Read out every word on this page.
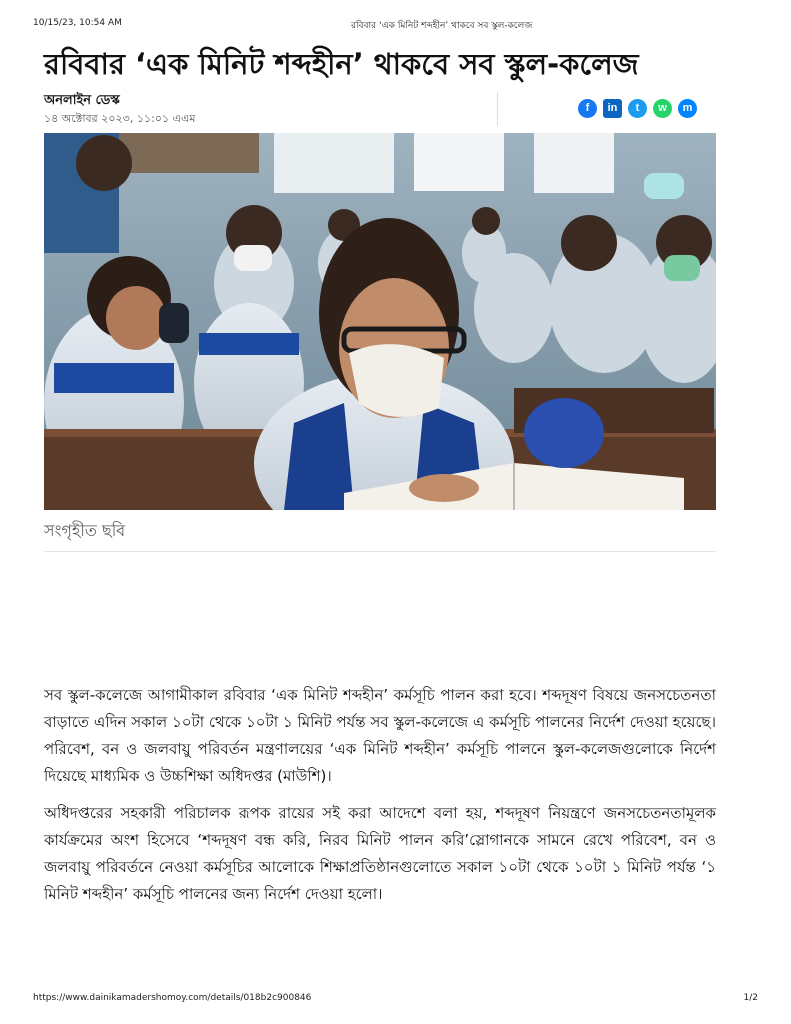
10/15/23, 10:54 AM	রবিবার ‘এক মিনিট শব্দহীন’ থাকবে সব স্কুল-কলেজ
রবিবার ‘এক মিনিট শব্দহীন’ থাকবে সব স্কুল-কলেজ
অনলাইন ডেস্ক
১৪ অক্টোবর ২০২৩, ১১:০১ এএম
f	in	t	w	m
সংগৃহীত ছবি

সব স্কুল-কলেজে আগামীকাল রবিবার ‘এক মিনিট শব্দহীন’ কর্মসূচি পালন করা হবে। শব্দদূষণ বিষয়ে জনসচেতনতা বাড়াতে এদিন সকাল ১০টা থেকে ১০টা ১ মিনিট পর্যন্ত সব স্কুল-কলেজে এ কর্মসূচি পালনের নির্দেশ দেওয়া হয়েছে। পরিবেশ, বন ও জলবায়ু পরিবর্তন মন্ত্রণালয়ের ‘এক মিনিট শব্দহীন’ কর্মসূচি পালনে স্কুল-কলেজগুলোকে নির্দেশ দিয়েছে মাধ্যমিক ও উচ্চশিক্ষা অধিদপ্তর (মাউশি)।

অধিদপ্তরের সহকারী পরিচালক রূপক রায়ের সই করা আদেশে বলা হয়, শব্দদূষণ নিয়ন্ত্রণে জনসচেতনতামূলক কার্যক্রমের অংশ হিসেবে ‘শব্দদূষণ বন্ধ করি, নিরব মিনিট পালন করি’স্লোগানকে সামনে রেখে পরিবেশ, বন ও জলবায়ু পরিবর্তনে নেওয়া কর্মসূচির আলোকে শিক্ষাপ্রতিষ্ঠানগুলোতে সকাল ১০টা থেকে ১০টা ১ মিনিট পর্যন্ত ‘১ মিনিট শব্দহীন’ কর্মসূচি পালনের জন্য নির্দেশ দেওয়া হলো।

https://www.dainikamadershomoy.com/details/018b2c900846	1/2
